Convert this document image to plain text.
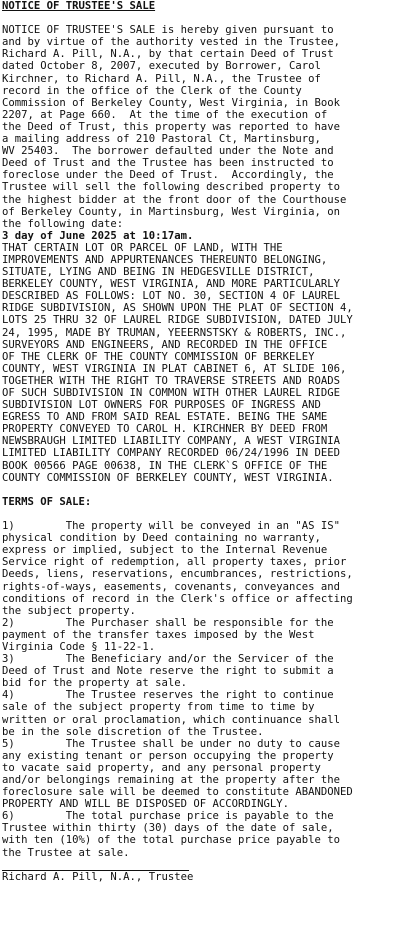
NOTICE OF TRUSTEE'S SALE
NOTICE OF TRUSTEE'S SALE is hereby given pursuant to
and by virtue of the authority vested in the Trustee,
Richard A. Pill, N.A., by that certain Deed of Trust
dated October 8, 2007, executed by Borrower, Carol
Kirchner, to Richard A. Pill, N.A., the Trustee of
record in the office of the Clerk of the County
Commission of Berkeley County, West Virginia, in Book
2207, at Page 660.  At the time of the execution of
the Deed of Trust, this property was reported to have
a mailing address of 210 Pastoral Ct, Martinsburg,
WV 25403.  The borrower defaulted under the Note and
Deed of Trust and the Trustee has been instructed to
foreclose under the Deed of Trust.  Accordingly, the
Trustee will sell the following described property to
the highest bidder at the front door of the Courthouse
of Berkeley County, in Martinsburg, West Virginia, on
the following date:
3 day of June 2025 at 10:17am.
THAT CERTAIN LOT OR PARCEL OF LAND, WITH THE
IMPROVEMENTS AND APPURTENANCES THEREUNTO BELONGING,
SITUATE, LYING AND BEING IN HEDGESVILLE DISTRICT,
BERKELEY COUNTY, WEST VIRGINIA, AND MORE PARTICULARLY
DESCRIBED AS FOLLOWS: LOT NO. 30, SECTION 4 OF LAUREL
RIDGE SUBDIVISION, AS SHOWN UPON THE PLAT OF SECTION 4,
LOTS 25 THRU 32 OF LAUREL RIDGE SUBDIVISION, DATED JULY
24, 1995, MADE BY TRUMAN, YEEERNSTSKY & ROBERTS, INC.,
SURVEYORS AND ENGINEERS, AND RECORDED IN THE OFFICE
OF THE CLERK OF THE COUNTY COMMISSION OF BERKELEY
COUNTY, WEST VIRGINIA IN PLAT CABINET 6, AT SLIDE 106,
TOGETHER WITH THE RIGHT TO TRAVERSE STREETS AND ROADS
OF SUCH SUBDIVISION IN COMMON WITH OTHER LAUREL RIDGE
SUBDIVISION LOT OWNERS FOR PURPOSES OF INGRESS AND
EGRESS TO AND FROM SAID REAL ESTATE. BEING THE SAME
PROPERTY CONVEYED TO CAROL H. KIRCHNER BY DEED FROM
NEWSBRAUGH LIMITED LIABILITY COMPANY, A WEST VIRGINIA
LIMITED LIABILITY COMPANY RECORDED 06/24/1996 IN DEED
BOOK 00566 PAGE 00638, IN THE CLERK`S OFFICE OF THE
COUNTY COMMISSION OF BERKELEY COUNTY, WEST VIRGINIA.
TERMS OF SALE:
1)        The property will be conveyed in an "AS IS"
physical condition by Deed containing no warranty,
express or implied, subject to the Internal Revenue
Service right of redemption, all property taxes, prior
Deeds, liens, reservations, encumbrances, restrictions,
rights-of-ways, easements, covenants, conveyances and
conditions of record in the Clerk's office or affecting
the subject property.
2)        The Purchaser shall be responsible for the
payment of the transfer taxes imposed by the West
Virginia Code § 11-22-1.
3)        The Beneficiary and/or the Servicer of the
Deed of Trust and Note reserve the right to submit a
bid for the property at sale.
4)        The Trustee reserves the right to continue
sale of the subject property from time to time by
written or oral proclamation, which continuance shall
be in the sole discretion of the Trustee.
5)        The Trustee shall be under no duty to cause
any existing tenant or person occupying the property
to vacate said property, and any personal property
and/or belongings remaining at the property after the
foreclosure sale will be deemed to constitute ABANDONED
PROPERTY AND WILL BE DISPOSED OF ACCORDINGLY.
6)        The total purchase price is payable to the
Trustee within thirty (30) days of the date of sale,
with ten (10%) of the total purchase price payable to
the Trustee at sale.
Richard A. Pill, N.A., Trustee
